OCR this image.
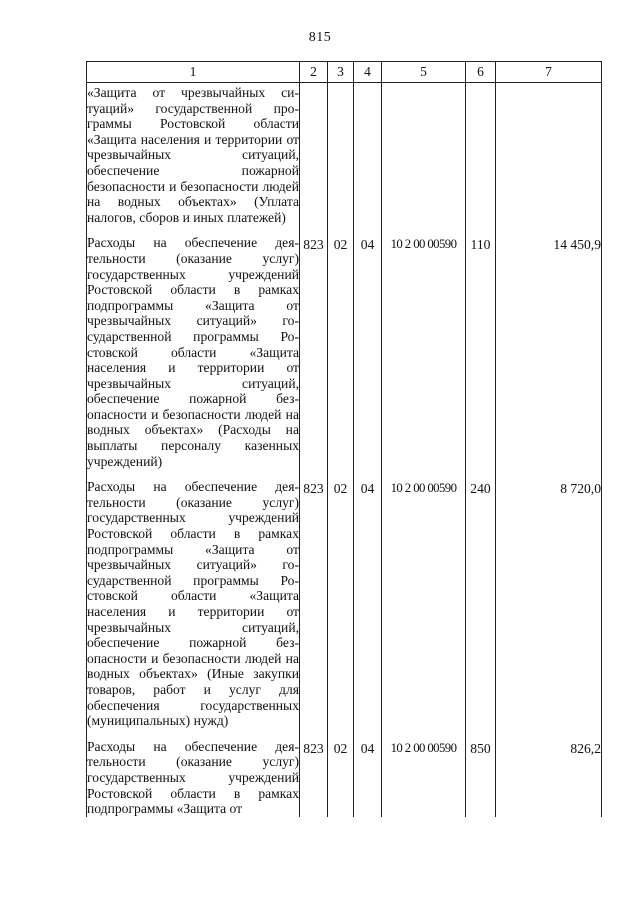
815
1	2	3	4	5	6	7
«Защита от чрезвычайных ситуаций» государственной программы Ростовской области «Защита населения и территории от чрезвычайных ситуаций, обеспечение пожарной безопасности и безопасности людей на водных объектах» (Уплата налогов, сборов и иных платежей)						

Расходы на обеспечение деятельности (оказание услуг) государственных учреждений Ростовской области в рамках подпрограммы «Защита от чрезвычайных ситуаций» государственной программы Ростовской области «Защита населения и территории от чрезвычайных ситуаций, обеспечение пожарной безопасности и безопасности людей на водных объектах» (Расходы на выплаты персоналу казенных учреждений)	823	02	04	10 2 00 00590	110	14 450,9

Расходы на обеспечение деятельности (оказание услуг) государственных учреждений Ростовской области в рамках подпрограммы «Защита от чрезвычайных ситуаций» государственной программы Ростовской области «Защита населения и территории от чрезвычайных ситуаций, обеспечение пожарной безопасности и безопасности людей на водных объектах» (Иные закупки товаров, работ и услуг для обеспечения государственных (муниципальных) нужд)	823	02	04	10 2 00 00590	240	8 720,0

Расходы на обеспечение деятельности (оказание услуг) государственных учреждений Ростовской области в рамках подпрограммы «Защита от	823	02	04	10 2 00 00590	850	826,2
